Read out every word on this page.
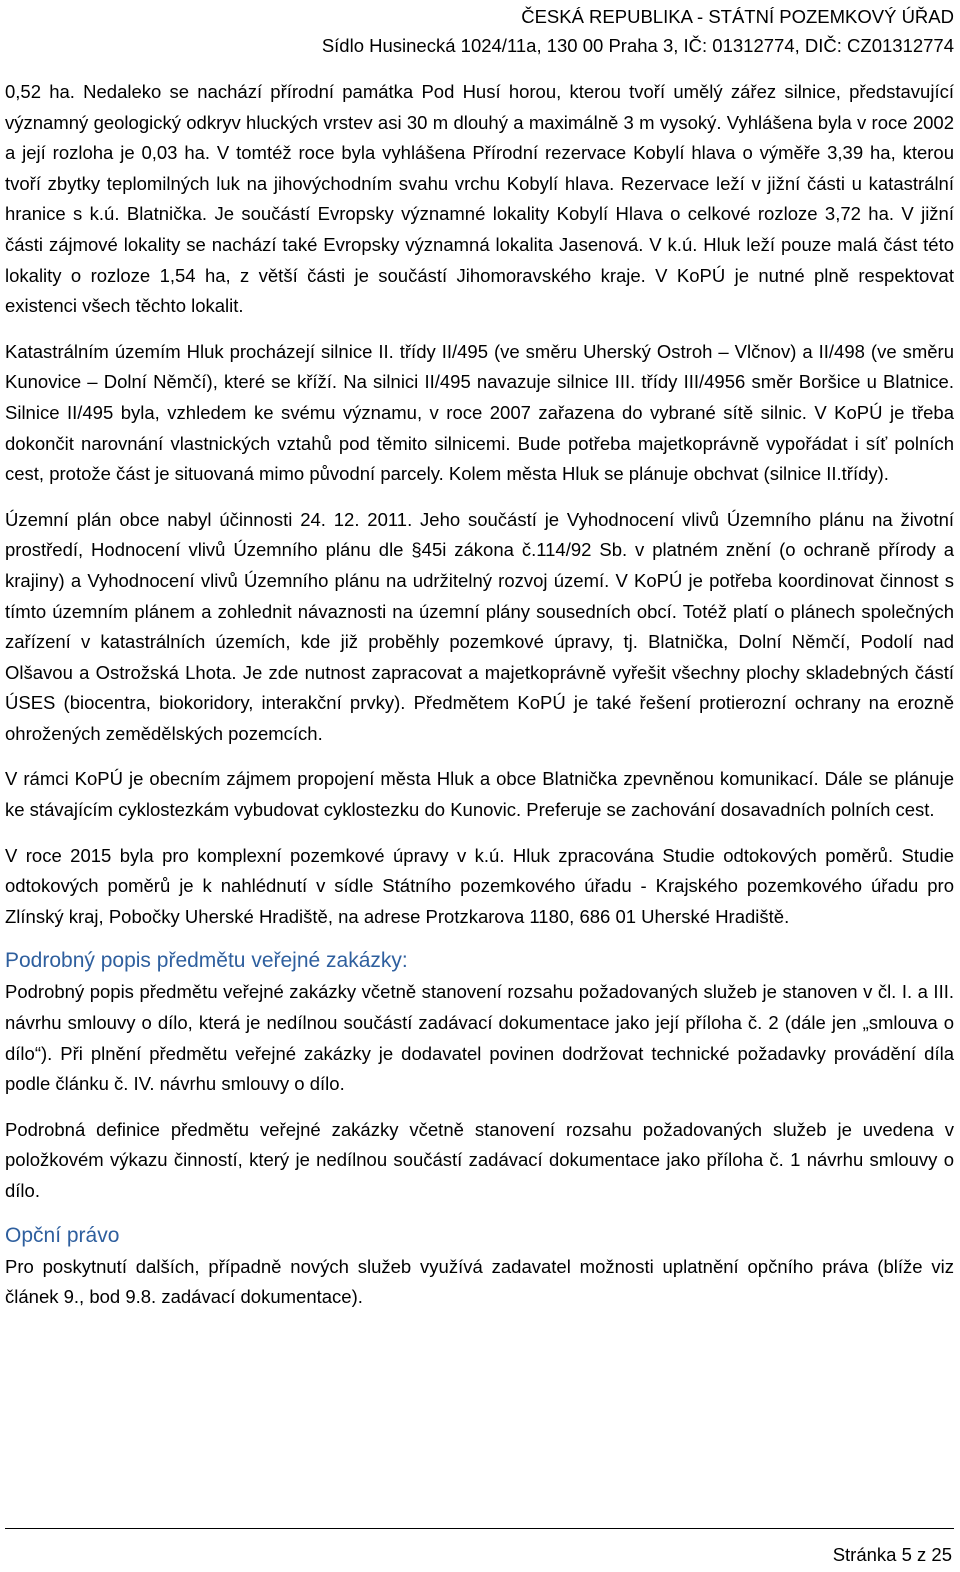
ČESKÁ REPUBLIKA - STÁTNÍ POZEMKOVÝ ÚŘAD
Sídlo Husinecká 1024/11a, 130 00 Praha 3, IČ: 01312774, DIČ: CZ01312774

0,52 ha. Nedaleko se nachází přírodní památka Pod Husí horou, kterou tvoří umělý zářez silnice, představující významný geologický odkryv hluckých vrstev asi 30 m dlouhý a maximálně 3 m vysoký. Vyhlášena byla v roce 2002 a její rozloha je 0,03 ha. V tomtéž roce byla vyhlášena Přírodní rezervace Kobylí hlava o výměře 3,39 ha, kterou tvoří zbytky teplomilných luk na jihovýchodním svahu vrchu Kobylí hlava. Rezervace leží v jižní části u katastrální hranice s k.ú. Blatnička. Je součástí Evropsky významné lokality Kobylí Hlava o celkové rozloze 3,72 ha. V jižní části zájmové lokality se nachází také Evropsky významná lokalita Jasenová. V k.ú. Hluk leží pouze malá část této lokality o rozloze 1,54 ha, z větší části je součástí Jihomoravského kraje. V KoPÚ je nutné plně respektovat existenci všech těchto lokalit.

Katastrálním územím Hluk procházejí silnice II. třídy II/495 (ve směru Uherský Ostroh – Vlčnov) a II/498 (ve směru Kunovice – Dolní Němčí), které se kříží. Na silnici II/495 navazuje silnice III. třídy III/4956 směr Boršice u Blatnice. Silnice II/495 byla, vzhledem ke svému významu, v roce 2007 zařazena do vybrané sítě silnic. V KoPÚ je třeba dokončit narovnání vlastnických vztahů pod těmito silnicemi. Bude potřeba majetkoprávně vypořádat i síť polních cest, protože část je situovaná mimo původní parcely. Kolem města Hluk se plánuje obchvat (silnice II.třídy).

Územní plán obce nabyl účinnosti 24. 12. 2011. Jeho součástí je Vyhodnocení vlivů Územního plánu na životní prostředí, Hodnocení vlivů Územního plánu dle §45i zákona č.114/92 Sb. v platném znění (o ochraně přírody a krajiny) a Vyhodnocení vlivů Územního plánu na udržitelný rozvoj území. V KoPÚ je potřeba koordinovat činnost s tímto územním plánem a zohlednit návaznosti na územní plány sousedních obcí. Totéž platí o plánech společných zařízení v katastrálních územích, kde již proběhly pozemkové úpravy, tj. Blatnička, Dolní Němčí, Podolí nad Olšavou a Ostrožská Lhota. Je zde nutnost zapracovat a majetkoprávně vyřešit všechny plochy skladebných částí ÚSES (biocentra, biokoridory, interakční prvky). Předmětem KoPÚ je také řešení protierozní ochrany na erozně ohrožených zemědělských pozemcích.

V rámci KoPÚ je obecním zájmem propojení města Hluk a obce Blatnička zpevněnou komunikací. Dále se plánuje ke stávajícím cyklostezkám vybudovat cyklostezku do Kunovic. Preferuje se zachování dosavadních polních cest.

V roce 2015 byla pro komplexní pozemkové úpravy v k.ú. Hluk zpracována Studie odtokových poměrů. Studie odtokových poměrů je k nahlédnutí v sídle Státního pozemkového úřadu - Krajského pozemkového úřadu pro Zlínský kraj, Pobočky Uherské Hradiště, na adrese Protzkarova 1180, 686 01 Uherské Hradiště.

Podrobný popis předmětu veřejné zakázky:

Podrobný popis předmětu veřejné zakázky včetně stanovení rozsahu požadovaných služeb je stanoven v čl. I. a III. návrhu smlouvy o dílo, která je nedílnou součástí zadávací dokumentace jako její příloha č. 2 (dále jen „smlouva o dílo“). Při plnění předmětu veřejné zakázky je dodavatel povinen dodržovat technické požadavky provádění díla podle článku č. IV. návrhu smlouvy o dílo.

Podrobná definice předmětu veřejné zakázky včetně stanovení rozsahu požadovaných služeb je uvedena v položkovém výkazu činností, který je nedílnou součástí zadávací dokumentace jako příloha č. 1 návrhu smlouvy o dílo.

Opční právo

Pro poskytnutí dalších, případně nových služeb využívá zadavatel možnosti uplatnění opčního práva (blíže viz článek 9., bod 9.8. zadávací dokumentace).

Stránka 5 z 25
